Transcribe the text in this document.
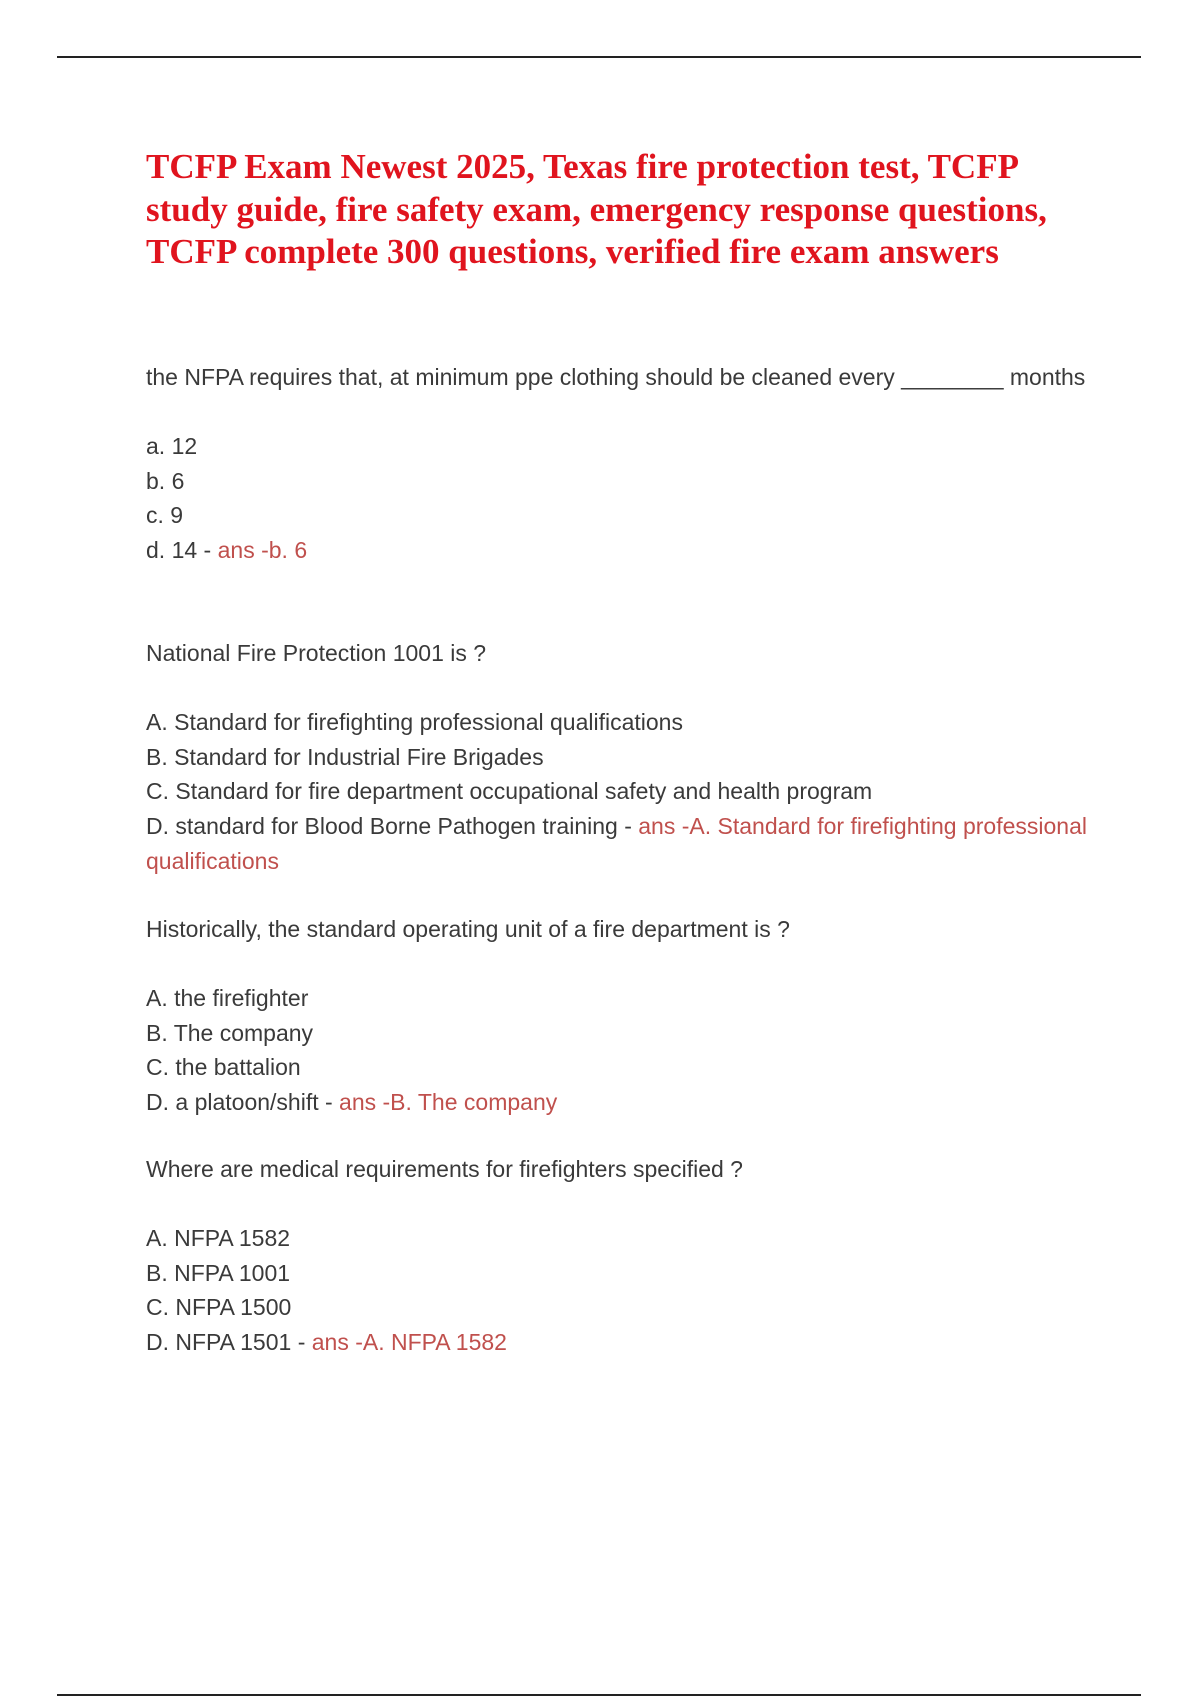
TCFP Exam Newest 2025, Texas fire protection test, TCFP study guide, fire safety exam, emergency response questions, TCFP complete 300 questions, verified fire exam answers
the NFPA requires that, at minimum ppe clothing should be cleaned every ________ months
a. 12
b. 6
c. 9
d. 14 - ans -b. 6
National Fire Protection 1001 is ?
A. Standard for firefighting professional qualifications
B. Standard for Industrial Fire Brigades
C. Standard for fire department occupational safety and health program
D. standard for Blood Borne Pathogen training - ans -A. Standard for firefighting professional qualifications
Historically, the standard operating unit of a fire department is ?
A. the firefighter
B. The company
C. the battalion
D. a platoon/shift - ans -B. The company
Where are medical requirements for firefighters specified ?
A. NFPA 1582
B. NFPA 1001
C. NFPA 1500
D. NFPA 1501 - ans -A. NFPA 1582
